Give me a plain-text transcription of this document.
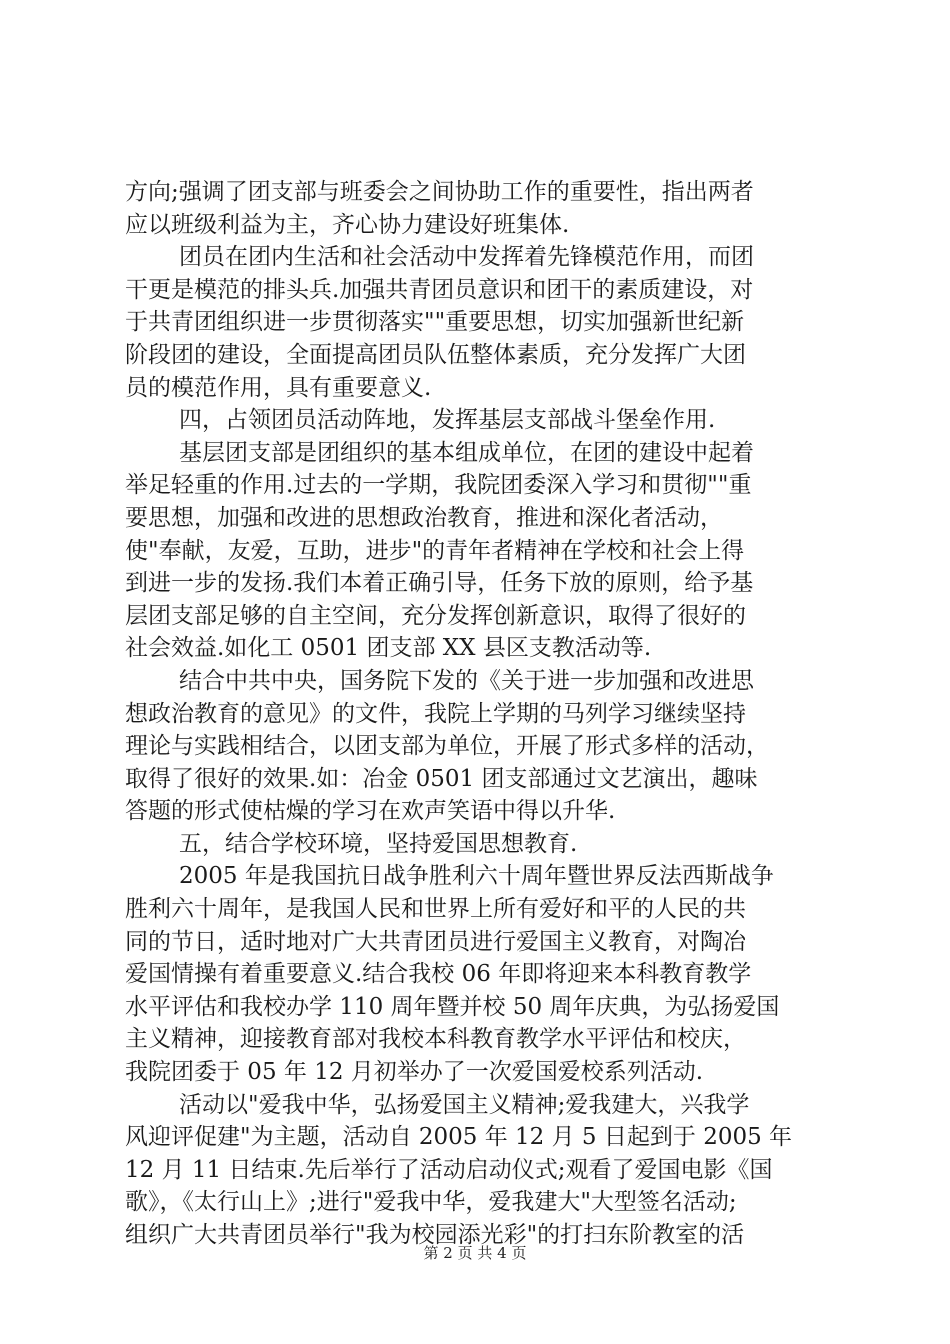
方向;强调了团支部与班委会之间协助工作的重要性，指出两者
应以班级利益为主，齐心协力建设好班集体.
团员在团内生活和社会活动中发挥着先锋模范作用，而团
干更是模范的排头兵.加强共青团员意识和团干的素质建设，对
于共青团组织进一步贯彻落实""重要思想，切实加强新世纪新
阶段团的建设，全面提高团员队伍整体素质，充分发挥广大团
员的模范作用，具有重要意义.
四，占领团员活动阵地，发挥基层支部战斗堡垒作用.
基层团支部是团组织的基本组成单位，在团的建设中起着
举足轻重的作用.过去的一学期，我院团委深入学习和贯彻""重
要思想，加强和改进的思想政治教育，推进和深化者活动，
使"奉献，友爱，互助，进步"的青年者精神在学校和社会上得
到进一步的发扬.我们本着正确引导，任务下放的原则，给予基
层团支部足够的自主空间，充分发挥创新意识，取得了很好的
社会效益.如化工 0501 团支部 XX 县区支教活动等.
结合中共中央，国务院下发的《关于进一步加强和改进思
想政治教育的意见》的文件，我院上学期的马列学习继续坚持
理论与实践相结合，以团支部为单位，开展了形式多样的活动，
取得了很好的效果.如：冶金 0501 团支部通过文艺演出，趣味
答题的形式使枯燥的学习在欢声笑语中得以升华.
五，结合学校环境，坚持爱国思想教育.
2005 年是我国抗日战争胜利六十周年暨世界反法西斯战争
胜利六十周年，是我国人民和世界上所有爱好和平的人民的共
同的节日，适时地对广大共青团员进行爱国主义教育，对陶冶
爱国情操有着重要意义.结合我校 06 年即将迎来本科教育教学
水平评估和我校办学 110 周年暨并校 50 周年庆典，为弘扬爱国
主义精神，迎接教育部对我校本科教育教学水平评估和校庆，
我院团委于 05 年 12 月初举办了一次爱国爱校系列活动.
活动以"爱我中华，弘扬爱国主义精神;爱我建大，兴我学
风迎评促建"为主题，活动自 2005 年 12 月 5 日起到于 2005 年
12 月 11 日结束.先后举行了活动启动仪式;观看了爱国电影《国
歌》，《太行山上》;进行"爱我中华，爱我建大"大型签名活动;
组织广大共青团员举行"我为校园添光彩"的打扫东阶教室的活
第 2 页 共 4 页
